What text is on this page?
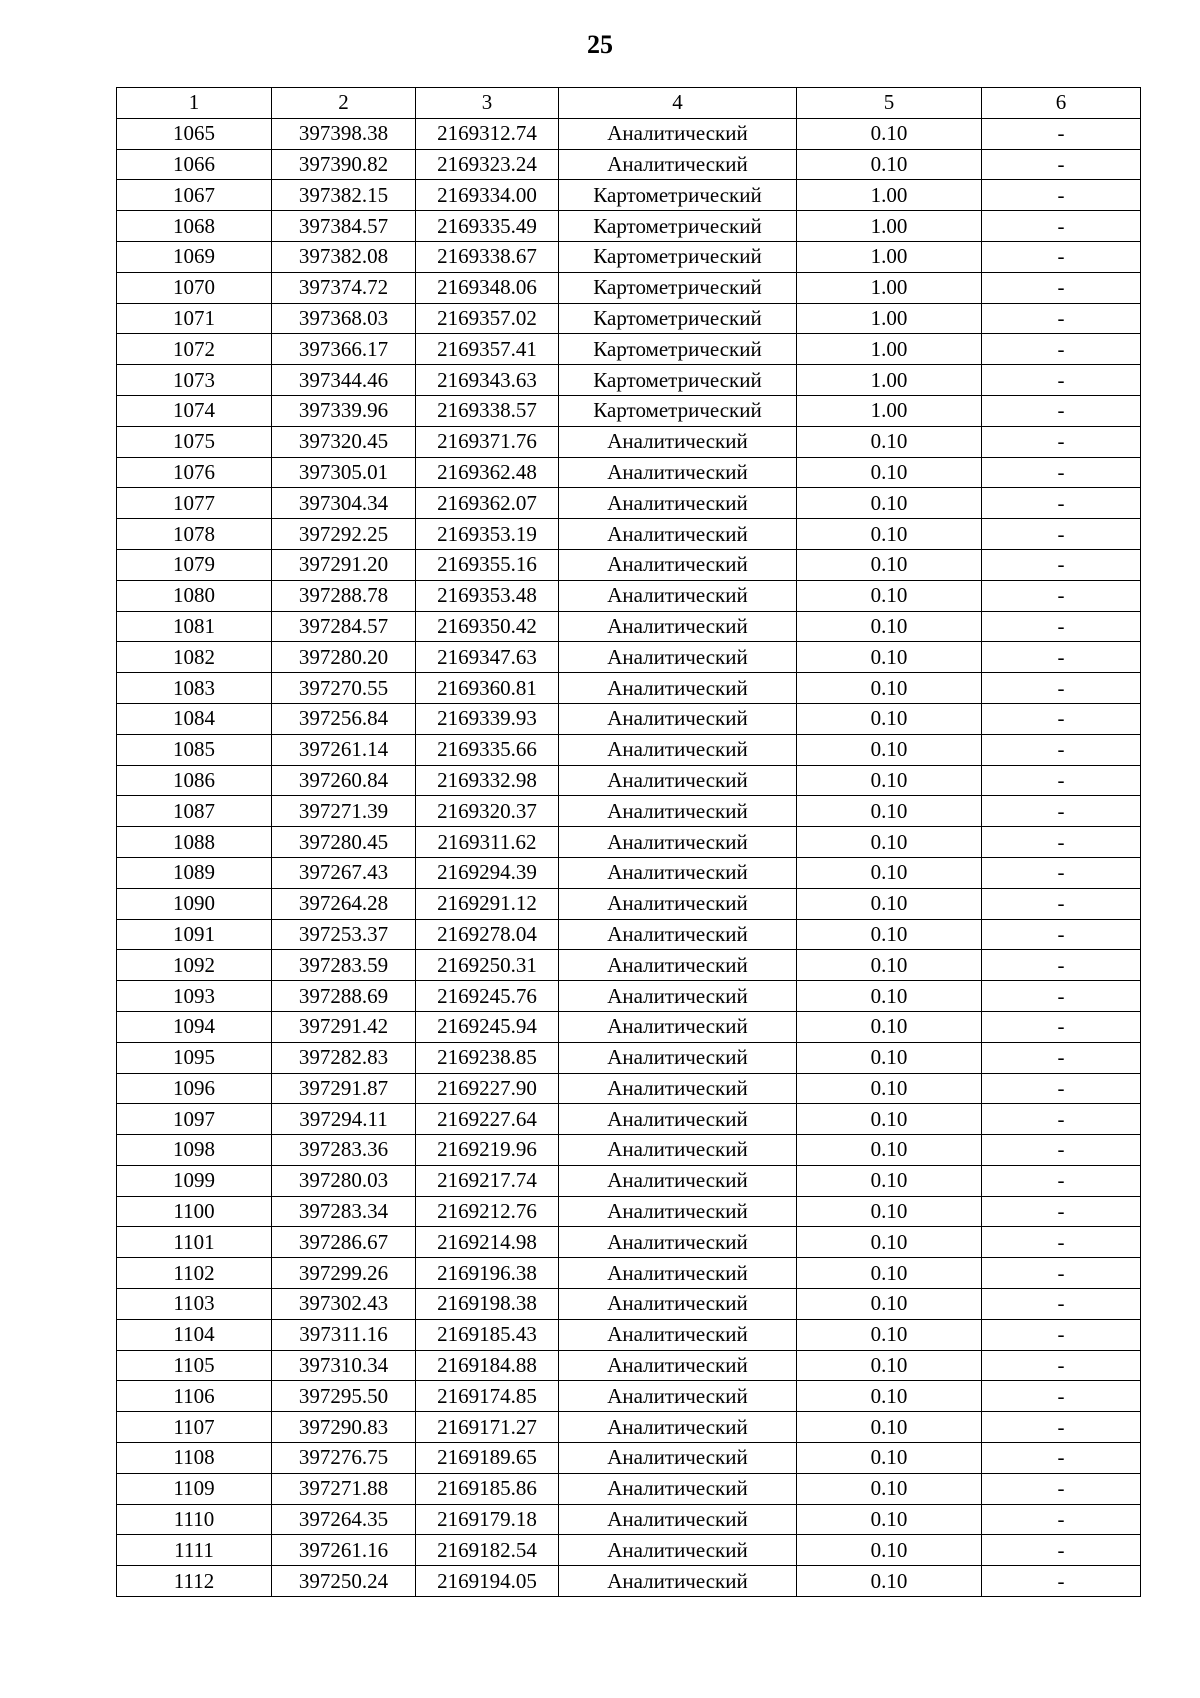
25
1	2	3	4	5	6
1065	397398.38	2169312.74	Аналитический	0.10	-
1066	397390.82	2169323.24	Аналитический	0.10	-
1067	397382.15	2169334.00	Картометрический	1.00	-
1068	397384.57	2169335.49	Картометрический	1.00	-
1069	397382.08	2169338.67	Картометрический	1.00	-
1070	397374.72	2169348.06	Картометрический	1.00	-
1071	397368.03	2169357.02	Картометрический	1.00	-
1072	397366.17	2169357.41	Картометрический	1.00	-
1073	397344.46	2169343.63	Картометрический	1.00	-
1074	397339.96	2169338.57	Картометрический	1.00	-
1075	397320.45	2169371.76	Аналитический	0.10	-
1076	397305.01	2169362.48	Аналитический	0.10	-
1077	397304.34	2169362.07	Аналитический	0.10	-
1078	397292.25	2169353.19	Аналитический	0.10	-
1079	397291.20	2169355.16	Аналитический	0.10	-
1080	397288.78	2169353.48	Аналитический	0.10	-
1081	397284.57	2169350.42	Аналитический	0.10	-
1082	397280.20	2169347.63	Аналитический	0.10	-
1083	397270.55	2169360.81	Аналитический	0.10	-
1084	397256.84	2169339.93	Аналитический	0.10	-
1085	397261.14	2169335.66	Аналитический	0.10	-
1086	397260.84	2169332.98	Аналитический	0.10	-
1087	397271.39	2169320.37	Аналитический	0.10	-
1088	397280.45	2169311.62	Аналитический	0.10	-
1089	397267.43	2169294.39	Аналитический	0.10	-
1090	397264.28	2169291.12	Аналитический	0.10	-
1091	397253.37	2169278.04	Аналитический	0.10	-
1092	397283.59	2169250.31	Аналитический	0.10	-
1093	397288.69	2169245.76	Аналитический	0.10	-
1094	397291.42	2169245.94	Аналитический	0.10	-
1095	397282.83	2169238.85	Аналитический	0.10	-
1096	397291.87	2169227.90	Аналитический	0.10	-
1097	397294.11	2169227.64	Аналитический	0.10	-
1098	397283.36	2169219.96	Аналитический	0.10	-
1099	397280.03	2169217.74	Аналитический	0.10	-
1100	397283.34	2169212.76	Аналитический	0.10	-
1101	397286.67	2169214.98	Аналитический	0.10	-
1102	397299.26	2169196.38	Аналитический	0.10	-
1103	397302.43	2169198.38	Аналитический	0.10	-
1104	397311.16	2169185.43	Аналитический	0.10	-
1105	397310.34	2169184.88	Аналитический	0.10	-
1106	397295.50	2169174.85	Аналитический	0.10	-
1107	397290.83	2169171.27	Аналитический	0.10	-
1108	397276.75	2169189.65	Аналитический	0.10	-
1109	397271.88	2169185.86	Аналитический	0.10	-
1110	397264.35	2169179.18	Аналитический	0.10	-
1111	397261.16	2169182.54	Аналитический	0.10	-
1112	397250.24	2169194.05	Аналитический	0.10	-
